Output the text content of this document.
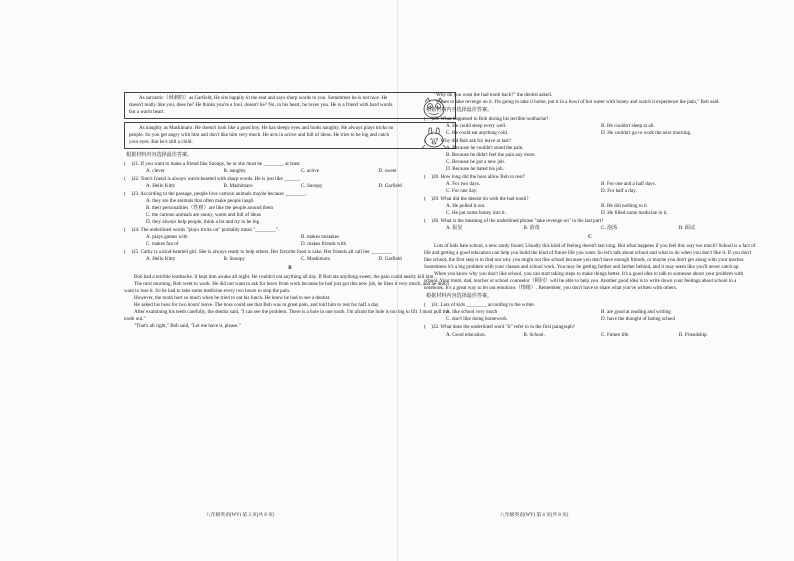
As sarcastic（讽刺的）as Garfield, He sits happily in the seat and says sharp words to you. Sometimes he is not nice. He doesn't really like you, does he? He thinks you're a fool, doesn't he? No, in his heart, he loves you. He is a friend with hard words but a warm heart.

As naughty as Mashimaro. He doesn't look like a good boy. He has sleepy eyes and looks naughty. He always plays tricks on people. So you get angry with him and don't like him very much. He acts in active and full of ideas. He tries to be big and catch your eyes. But he's still a child.

根据材料内容选择最佳答案。

( )21. If you want to make a friend like Snoopy, he or she must be ________ at least.
A. clever	B. naughty	C. active	D. sweet
( )22. Tom's friend is always warm-hearted with sharp words. He is just like ______.
A. Hello Kitty	B. Mashimaro	C. Snoopy	D. Garfield
( )23. According to the passage, people love cartoon animals maybe because ________.

A. they are the animals that often make people laugh

B. their personalities（性格）are like the people around them

C. the cartoon animals are sunny, warm and full of ideas

D. they always help people, think a lot and try to be big

( )24. The underlined words "plays tricks on" probably mean "________".
A. plays games with	B. makes mistakes
C. makes fun of	D. makes friends with
( )25. Cathy is a kind-hearted girl. She is always ready to help others. Her favorite food is cake. Her friends all call her ________.
A. Hello Kitty	B. Snoopy	C. Mashimaro	D. Garfield

B

Bob had a terrible toothache. It kept him awake all night. He couldn't eat anything all day. If Bob ate anything sweet, the pain could nearly kill him.

The next morning, Bob went to work. He did not want to ask for leave from work because he had just got this new job, he likes it very much, and he didn't want to lose it. So he had to take some medicine every two hours to stop the pain.

However, the tooth hurt so much when he tried to eat his lunch. He knew he had to see a dentist.

He asked his boss for two hours' leave. The boss could see that Bob was in great pain, and told him to rest for half a day.

After examining his teeth carefully, the dentist said, "I can see the problem. There is a hole in one tooth. I'm afraid the hole is too big to fill. I must pull the tooth out."

"That's all right," Bob said, "Let me have it, please."

"Why do you want the bad tooth back?" the dentist asked.

"I want to take revenge on it. I'm going to take it home, put it in a bowl of hot water with honey and watch it experience the pain," Bob said.

根据材料内容选择最佳答案。

( )26. What happened to Bob during his terrible toothache?
A. He could sleep every well.	B. He couldn't sleep at all.
C. He could eat anything cold.	D. He couldn't go to work the next morning.
( )27. Why did Bob ask for leave at last?

A. Because he couldn't stand the pain.

B. Because he didn't feel the pain any more.

C. Because he got a new job.

D. Because he hated his job.

( )28. How long did the boss allow Bob to rest?
A. For two days.	B. For one and a half days.
C. For one day.	D. For half a day.
( )29. What did the dentist do with the bad tooth?
A. He pulled it out.	B. He did nothing to it.
C. He put some honey into it.	D. He filled some medicine in it.
( )30. What is the meaning of the underlined phrase "take revenge on" in the last part?
A. 报复	B. 消毒	C. 泡汤	D. 面试

C

Lots of kids hate school, a new study found. Usually this kind of feeling doesn't last long. But what happens if you feel this way too much? School is a fact of life and getting a good education can help you build the kind of future life you want. So let's talk about school and what to do when you don't like it. If you don't like school, the first step is to find out why you might not like school because you don't have enough friends, or maybe you don't get along with your teacher. Sometimes it's a big problem with your classes and school work. You may be getting farther and farther behind, and it may seem like you'll never catch up.

When you know why you don't like school, you can start taking steps to make things better. It's a good idea to talk to someone about your problem with school. Your mom, dad, teacher or school counselor（顾问）will be able to help you. Another good idea is to write down your feelings about school in a notebook. It's a great way to let out emotions（情绪）. Remember, you don't have to share what you've written with others.

根据材料内容选择最佳答案。

( )31. Lots of kids ________ according to the writer.
A. like school very much	B. are good at reading and writing
C. don't like doing homework	D. have the thought of hating school
( )32. What does the underlined word "it" refer to in the first paragraph?
A. Good education.	B. School.	C. Future life.	D. Friendship.
八年级英语(WY) 第 3 页(共 8 页)	八年级英语(WY) 第 4 页(共 8 页)
